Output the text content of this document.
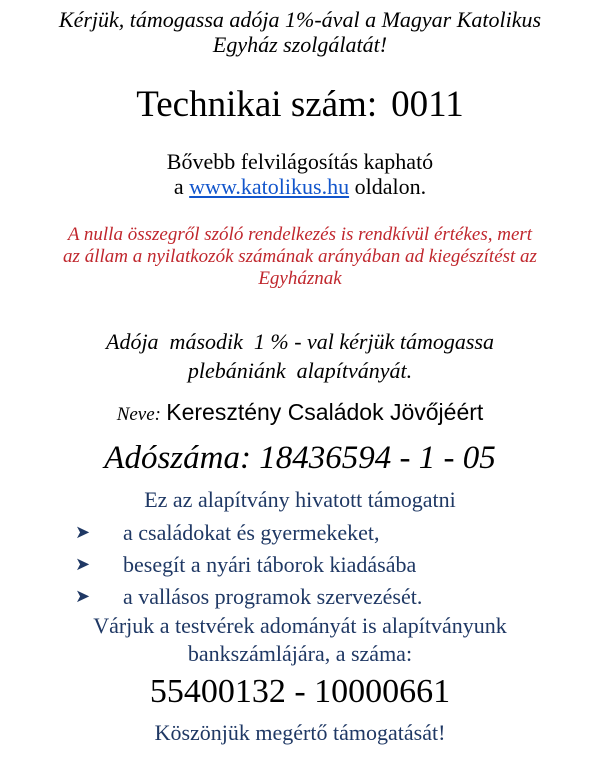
Kérjük, támogassa adója 1%-ával a Magyar Katolikus
Egyház szolgálatát!
Technikai szám: 0011
Bővebb felvilágosítás kapható
a www.katolikus.hu oldalon.
A nulla összegről szóló rendelkezés is rendkívül értékes, mert
az állam a nyilatkozók számának arányában ad kiegészítést az
Egyháznak
Adója  második  1 % - val kérjük támogassa
plebániánk  alapítványát.
Neve: Keresztény Családok Jövőjéért
Adószáma: 18436594 - 1 - 05
Ez az alapítvány hivatott támogatni
➤	a családokat és gyermekeket,
➤	besegít a nyári táborok kiadásába
➤	a vallásos programok szervezését.
Várjuk a testvérek adományát is alapítványunk
bankszámlájára, a száma:
55400132 - 10000661
Köszönjük megértő támogatását!
